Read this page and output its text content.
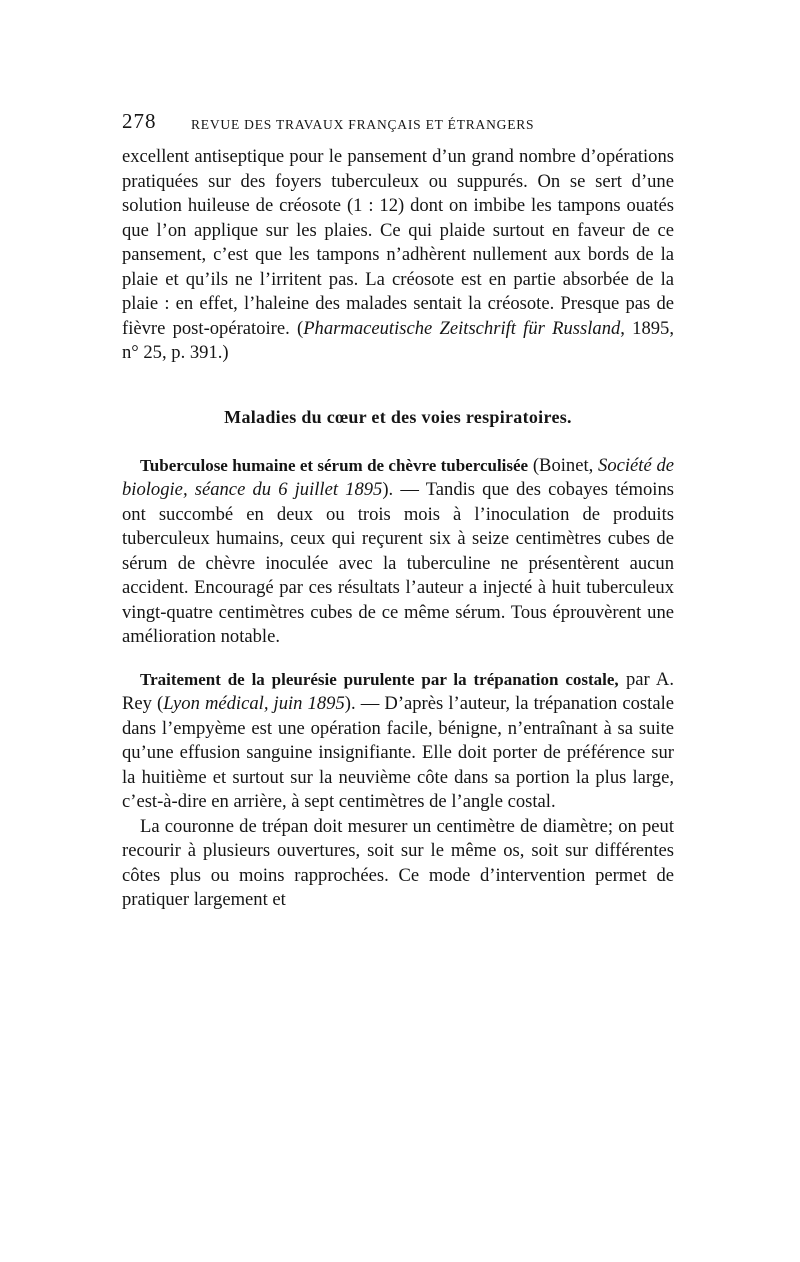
278	REVUE DES TRAVAUX FRANÇAIS ET ÉTRANGERS

excellent antiseptique pour le pansement d’un grand nombre d’opérations pratiquées sur des foyers tuberculeux ou suppurés. On se sert d’une solution huileuse de créosote (1 : 12) dont on imbibe les tampons ouatés que l’on applique sur les plaies. Ce qui plaide surtout en faveur de ce pansement, c’est que les tampons n’adhèrent nullement aux bords de la plaie et qu’ils ne l’irritent pas. La créosote est en partie absorbée de la plaie : en effet, l’haleine des malades sentait la créosote. Presque pas de fièvre post-opératoire. (Pharmaceutische Zeitschrift für Russland, 1895, n° 25, p. 391.)

Maladies du cœur et des voies respiratoires.

Tuberculose humaine et sérum de chèvre tuberculisée (Boinet, Société de biologie, séance du 6 juillet 1895). — Tandis que des cobayes témoins ont succombé en deux ou trois mois à l’inoculation de produits tuberculeux humains, ceux qui reçurent six à seize centimètres cubes de sérum de chèvre inoculée avec la tuberculine ne présentèrent aucun accident. Encouragé par ces résultats l’auteur a injecté à huit tuberculeux vingt-quatre centimètres cubes de ce même sérum. Tous éprouvèrent une amélioration notable.

Traitement de la pleurésie purulente par la trépanation costale, par A. Rey (Lyon médical, juin 1895). — D’après l’auteur, la trépanation costale dans l’empyème est une opération facile, bénigne, n’entraînant à sa suite qu’une effusion sanguine insignifiante. Elle doit porter de préférence sur la huitième et surtout sur la neuvième côte dans sa portion la plus large, c’est-à-dire en arrière, à sept centimètres de l’angle costal.

La couronne de trépan doit mesurer un centimètre de diamètre; on peut recourir à plusieurs ouvertures, soit sur le même os, soit sur différentes côtes plus ou moins rapprochées. Ce mode d’intervention permet de pratiquer largement et
